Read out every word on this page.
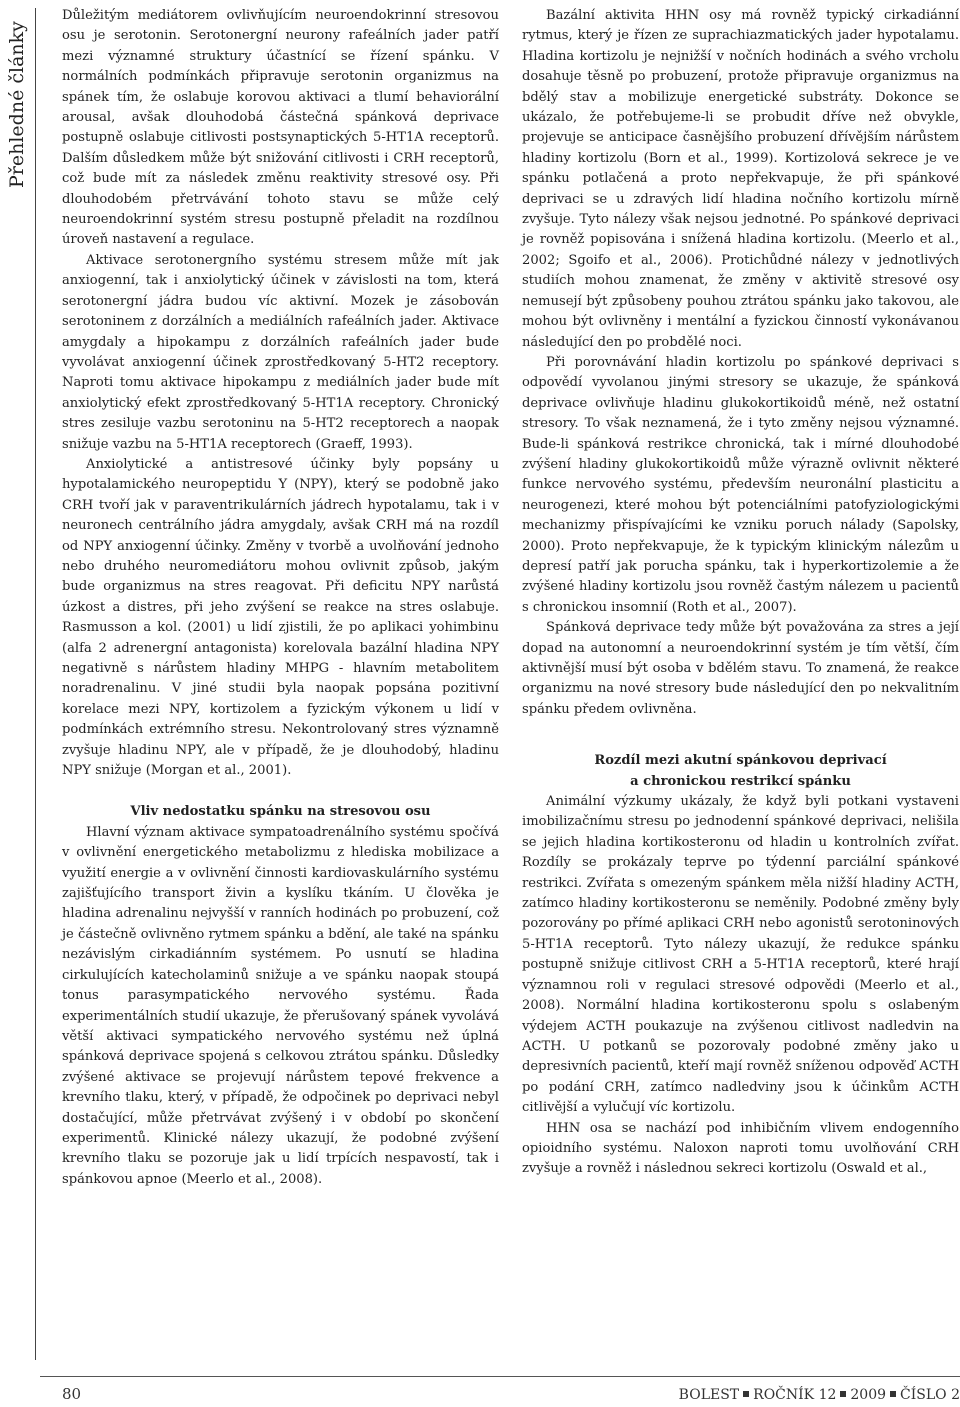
Přehledné články

Důležitým mediátorem ovlivňujícím neuroendokrinní stresovou osu je serotonin. Serotonergní neurony rafeálních jader patří mezi významné struktury účastnící se řízení spánku. V normálních podmínkách připravuje serotonin organizmus na spánek tím, že oslabuje korovou aktivaci a tlumí behaviorální arousal, avšak dlouhodobá částečná spánková deprivace postupně oslabuje citlivosti postsynaptických 5-HT1A receptorů. Dalším důsledkem může být snižování citlivosti i CRH receptorů, což bude mít za následek změnu reaktivity stresové osy. Při dlouhodobém přetrvávání tohoto stavu se může celý neuroendokrinní systém stresu postupně přeladit na rozdílnou úroveň nastavení a regulace.

Aktivace serotonergního systému stresem může mít jak anxiogenní, tak i anxiolytický účinek v závislosti na tom, která serotonergní jádra budou víc aktivní. Mozek je zásobován serotoninem z dorzálních a mediálních rafeálních jader. Aktivace amygdaly a hipokampu z dorzálních rafeálních jader bude vyvolávat anxiogenní účinek zprostředkovaný 5-HT2 receptory. Naproti tomu aktivace hipokampu z mediálních jader bude mít anxiolytický efekt zprostředkovaný 5-HT1A receptory. Chronický stres zesiluje vazbu serotoninu na 5-HT2 receptorech a naopak snižuje vazbu na 5-HT1A receptorech (Graeff, 1993).

Anxiolytické a antistresové účinky byly popsány u hypotalamického neuropeptidu Y (NPY), který se podobně jako CRH tvoří jak v paraventrikulárních jádrech hypotalamu, tak i v neuronech centrálního jádra amygdaly, avšak CRH má na rozdíl od NPY anxiogenní účinky. Změny v tvorbě a uvolňování jednoho nebo druhého neuromediátoru mohou ovlivnit způsob, jakým bude organizmus na stres reagovat. Při deficitu NPY narůstá úzkost a distres, při jeho zvýšení se reakce na stres oslabuje. Rasmusson a kol. (2001) u lidí zjistili, že po aplikaci yohimbinu (alfa 2 adrenergní antagonista) korelovala bazální hladina NPY negativně s nárůstem hladiny MHPG - hlavním metabolitem noradrenalinu. V jiné studii byla naopak popsána pozitivní korelace mezi NPY, kortizolem a fyzickým výkonem u lidí v podmínkách extrémního stresu. Nekontrolovaný stres významně zvyšuje hladinu NPY, ale v případě, že je dlouhodobý, hladinu NPY snižuje (Morgan et al., 2001).

Vliv nedostatku spánku na stresovou osu

Hlavní význam aktivace sympatoadrenálního systému spočívá v ovlivnění energetického metabolizmu z hlediska mobilizace a využití energie a v ovlivnění činnosti kardiovaskulárního systému zajišťujícího transport živin a kyslíku tkáním. U člověka je hladina adrenalinu nejvyšší v ranních hodinách po probuzení, což je částečně ovlivněno rytmem spánku a bdění, ale také na spánku nezávislým cirkadiánním systémem. Po usnutí se hladina cirkulujících katecholaminů snižuje a ve spánku naopak stoupá tonus parasympatického nervového systému. Řada experimentálních studií ukazuje, že přerušovaný spánek vyvolává větší aktivaci sympatického nervového systému než úplná spánková deprivace spojená s celkovou ztrátou spánku. Důsledky zvýšené aktivace se projevují nárůstem tepové frekvence a krevního tlaku, který, v případě, že odpočinek po deprivaci nebyl dostačující, může přetrvávat zvýšený i v období po skončení experimentů. Klinické nálezy ukazují, že podobné zvýšení krevního tlaku se pozoruje jak u lidí trpících nespavostí, tak i spánkovou apnoe (Meerlo et al., 2008).

Bazální aktivita HHN osy má rovněž typický cirkadiánní rytmus, který je řízen ze suprachiazmatických jader hypotalamu. Hladina kortizolu je nejnižší v nočních hodinách a svého vrcholu dosahuje těsně po probuzení, protože připravuje organizmus na bdělý stav a mobilizuje energetické substráty. Dokonce se ukázalo, že potřebujeme-li se probudit dříve než obvykle, projevuje se anticipace časnějšího probuzení dřívějším nárůstem hladiny kortizolu (Born et al., 1999). Kortizolová sekrece je ve spánku potlačená a proto nepřekvapuje, že při spánkové deprivaci se u zdravých lidí hladina nočního kortizolu mírně zvyšuje. Tyto nálezy však nejsou jednotné. Po spánkové deprivaci je rovněž popisována i snížená hladina kortizolu. (Meerlo et al., 2002; Sgoifo et al., 2006). Protichůdné nálezy v jednotlivých studiích mohou znamenat, že změny v aktivitě stresové osy nemusejí být způsobeny pouhou ztrátou spánku jako takovou, ale mohou být ovlivněny i mentální a fyzickou činností vykonávanou následující den po probdělé noci.

Při porovnávání hladin kortizolu po spánkové deprivaci s odpovědí vyvolanou jinými stresory se ukazuje, že spánková deprivace ovlivňuje hladinu glukokortikoidů méně, než ostatní stresory. To však neznamená, že i tyto změny nejsou významné. Bude-li spánková restrikce chronická, tak i mírné dlouhodobé zvýšení hladiny glukokortikoidů může výrazně ovlivnit některé funkce nervového systému, především neuronální plasticitu a neurogenezi, které mohou být potenciálními patofyziologickými mechanizmy přispívajícími ke vzniku poruch nálady (Sapolsky, 2000). Proto nepřekvapuje, že k typickým klinickým nálezům u depresí patří jak porucha spánku, tak i hyperkortizolemie a že zvýšené hladiny kortizolu jsou rovněž častým nálezem u pacientů s chronickou insomnií (Roth et al., 2007).

Spánková deprivace tedy může být považována za stres a její dopad na autonomní a neuroendokrinní systém je tím větší, čím aktivnější musí být osoba v bdělém stavu. To znamená, že reakce organizmu na nové stresory bude následující den po nekvalitním spánku předem ovlivněna.

Rozdíl mezi akutní spánkovou deprivací
a chronickou restrikcí spánku

Animální výzkumy ukázaly, že když byli potkani vystaveni imobilizačnímu stresu po jednodenní spánkové deprivaci, nelišila se jejich hladina kortikosteronu od hladin u kontrolních zvířat. Rozdíly se prokázaly teprve po týdenní parciální spánkové restrikci. Zvířata s omezeným spánkem měla nižší hladiny ACTH, zatímco hladiny kortikosteronu se neměnily. Podobné změny byly pozorovány po přímé aplikaci CRH nebo agonistů serotoninových 5-HT1A receptorů. Tyto nálezy ukazují, že redukce spánku postupně snižuje citlivost CRH a 5-HT1A receptorů, které hrají významnou roli v regulaci stresové odpovědi (Meerlo et al., 2008). Normální hladina kortikosteronu spolu s oslabeným výdejem ACTH poukazuje na zvýšenou citlivost nadledvin na ACTH. U potkanů se pozorovaly podobné změny jako u depresivních pacientů, kteří mají rovněž sníženou odpověď ACTH po podání CRH, zatímco nadledviny jsou k účinkům ACTH citlivější a vylučují víc kortizolu.

HHN osa se nachází pod inhibičním vlivem endogenního opioidního systému. Naloxon naproti tomu uvolňování CRH zvyšuje a rovněž i následnou sekreci kortizolu (Oswald et al.,

80	BOLEST ROČNÍK 12 2009 ČÍSLO 2
